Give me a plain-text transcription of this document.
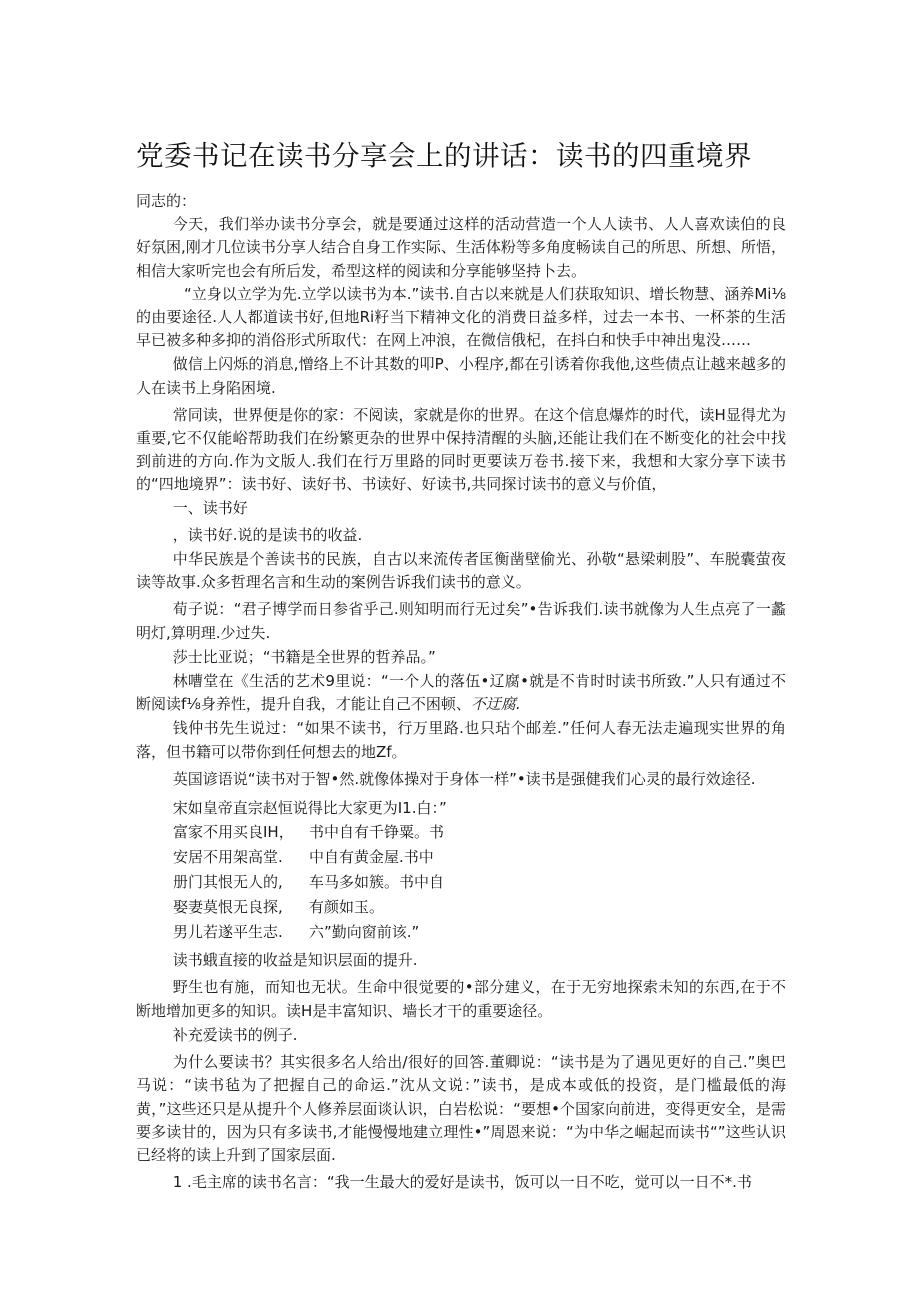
党委书记在读书分享会上的讲话：读书的四重境界

同志的：

今天，我们举办读书分享会，就是要通过这样的活动营造一个人人读书、人人喜欢读伯的良好氛困,刚才几位读书分享人结合自身工作实际、生活体粉等多角度畅读自己的所思、所想、所悟，相信大家听完也会有所后发，希型这样的阅读和分享能够坚持卜去。

“立身以立学为先.立学以读书为本.”读书.自古以来就是人们获取知识、增长物慧、涵养Mi⅛的由要途径.人人都道读书好,但地Ri籽当下精神文化的消费日益多样，过去一本书、一杯茶的生活早已被多种多抑的消俗形式所取代：在网上冲浪，在微信俄杞，在抖白和快手中神出鬼没……

做信上闪烁的消息,憎络上不计其数的叩P、小程序,都在引诱着你我他,这些债点让越来越多的人在读书上身陷困境.

常同读，世界便是你的家：不阅读，家就是你的世界。在这个信息爆炸的时代，读H显得尤为重要,它不仅能峪帮助我们在纷繁更杂的世界中保持清醒的头脑,还能让我们在不断变化的社会中找到前进的方向.作为文版人.我们在行万里路的同时更要读万卷书.接下来，我想和大家分享下读书的“四地境界”：读书好、读好书、书读好、好读书,共同探讨读书的意义与价值，

一、读书好

，读书好.说的是读书的收益.

中华民族是个善读书的民族，自古以来流传者匡衡凿壁偷光、孙敬“悬梁刺股”、车脱囊萤夜读等故事.众多哲理名言和生动的案例告诉我们读书的意义。

荀子说：“君子博学而日参省乎己.则知明而行无过矣”•告诉我们.读书就像为人生点亮了一蠡明灯,算明理.少过失.

莎士比亚说；“书籍是全世界的哲养品。”

林嘈堂在《生活的艺术9里说：“一个人的落伍•辽腐•就是不肯时时读书所致.”人只有通过不断阅读f⅛身养性，提升自我，才能让自己不困顿、不迂腐.

钱仲书先生说过：“如果不读书，行万里路.也只玷个邮差.”任何人春无法走遍现实世界的角落，但书籍可以带你到任何想去的地Zf。

英国谚语说“读书对于智•然.就像体操对于身体一样”•读书是强健我们心灵的最行效途径.

宋如皇帝直宗赵恒说得比大家更为I1.白：”

富家不用买良IH， 书中自有千铮粟。书
安居不用架高堂. 中自有黄金屋.书中
册门其恨无人的, 车马多如簇。书中自
娶妻莫恨无良探, 有颜如玉。
男儿若遂平生志. 六”勤向窗前该.”

读书蛾直接的收益是知识层面的提升.

野生也有施，而知也无状。生命中很觉要的•部分建义，在于无穷地探索未知的东西,在于不断地增加更多的知识。读H是丰富知识、墙长才干的重要途径。

补充爱读书的例子.

为什么要读书？其实很多名人给出/很好的回答.董卿说：“读书是为了遇见更好的自己.”奥巴马说：“读书毡为了把握自己的命运.”沈从文说：”读书，是成本或低的投资，是门槛最低的海黄，”这些还只是从提升个人修养层面谈认识，白岩松说：“要想•个国家向前进，变得更安全，是需要多读甘的，因为只有多读书,才能慢慢地建立理性•”周恩来说：“为中华之崛起而读书“”这些认识已经将的读上升到了国家层面.

1 .毛主席的读书名言：“我一生最大的爱好是读书，饭可以一日不吃，觉可以一日不*.书
